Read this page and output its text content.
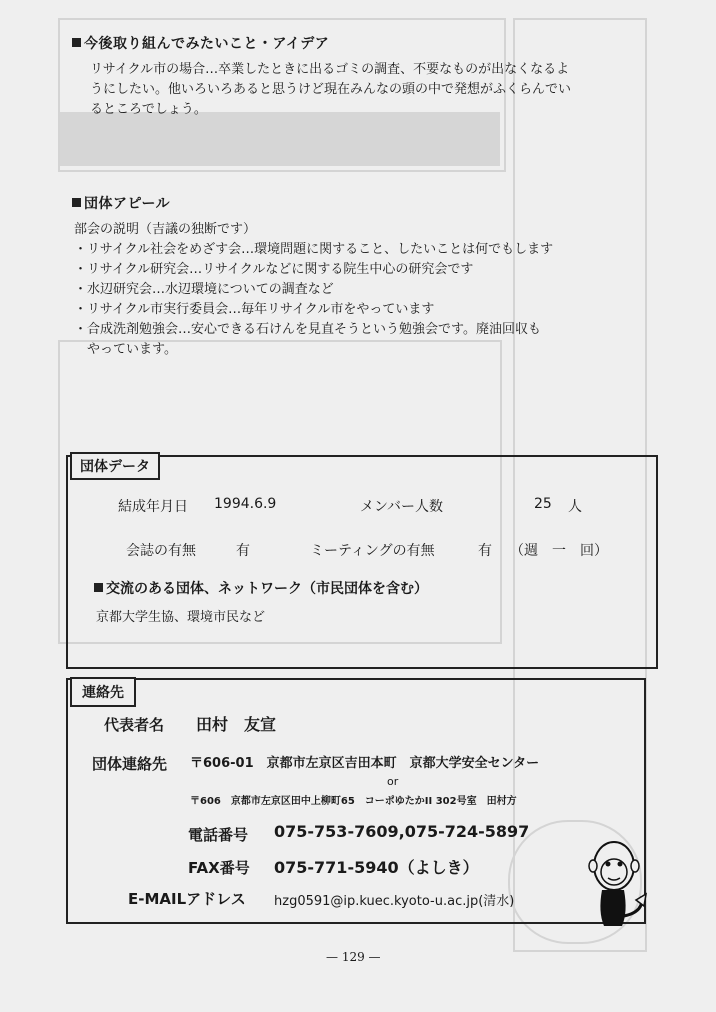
今後取り組んでみたいこと・アイデア
リサイクル市の場合…卒業したときに出るゴミの調査、不要なものが出なくなるよ
うにしたい。他いろいろあると思うけど現在みんなの頭の中で発想がふくらんでい
るところでしょう。
団体アピール
部会の説明（吉議の独断です）
・リサイクル社会をめざす会…環境問題に関すること、したいことは何でもします
・リサイクル研究会…リサイクルなどに関する院生中心の研究会です
・水辺研究会…水辺環境についての調査など
・リサイクル市実行委員会…毎年リサイクル市をやっています
・合成洗剤勉強会…安心できる石けんを見直そうという勉強会です。廃油回収も
　やっています。
団体データ
結成年月日 1994.6.9	メンバー人数	25 人
会誌の有無	有	ミーティングの有無	有 （週　一　回）
交流のある団体、ネットワーク（市民団体を含む）
京都大学生協、環境市民など
連絡先
代表者名 田村　友宣
団体連絡先 〒606-01　京都市左京区吉田本町　京都大学安全センター
or
〒606　京都市左京区田中上柳町65　コーポゆたかII 302号室　田村方
電話番号 075-753-7609,075-724-5897
FAX番号 075-771-5940（よしき）
E-MAILアドレス hzg0591@ip.kuec.kyoto-u.ac.jp(清水)
— 129 —
